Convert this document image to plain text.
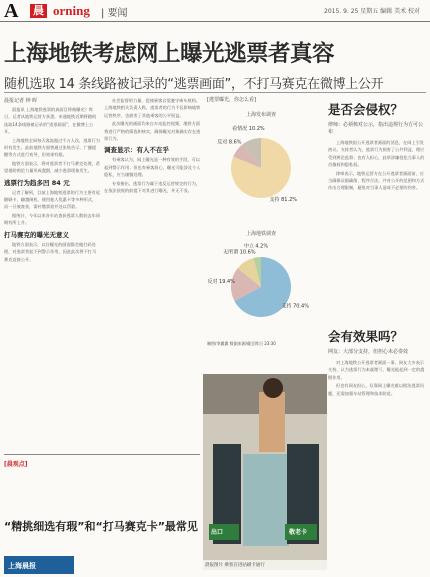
A 晨 orning | 要闻	2015. 9. 25 星期五 编辑 美术 校对
上海地铁考虑网上曝光逃票者真容
随机选取 14 条线路被记录的“逃票画面”，不打马赛克在微博上公开
晨报记者 钟 晖

晨报讯 上海地铁逃票的真面目将被曝光？昨日，记者从地铁运营方获悉，申通地铁近期将随机选取14条线路被记录的“逃票画面”，在微博上公开。

上海地铁全网每天客流超过千万人次，逃票行为时有发生。此前地铁方面曾通过张贴告示、广播提醒等方式进行劝导，但效果有限。

地铁方面表示，将对逃票者不打马赛克处理，希望借助舆论力量形成震慑，减少逃票现象发生。

逃票行为趋多凹 84 元

记者了解到，目前上海地铁逃票的行为主要有尾随刷卡、翻越闸机、使用他人优惠卡等多种形式，而一旦被查获，需补缴票款并处以罚款。

据统计，今年以来各车站查获逃票人数较去年同期有所上升。

打马赛克的曝光无意义

地铁方面表示，以往曝光的画面都会做打码处理，对逃票者起不到警示作用，因此此次将不打马赛克直接公开。

社会监督的力量，促使乘客自觉遵守乘车规则。上海地铁相关负责人称，逃票者的行为不仅影响地铁运营秩序，也损害了其他乘客的公平权益。

此次曝光的画面均来自车站监控视频，地铁方面将进行严格的筛选和核实，确保曝光对象确实存在逃票行为。

调查显示：有人不在乎

有乘客认为，网上曝光是一种有效的手段，可以起到警示作用；但也有乘客担心，曝光可能涉及个人隐私，应当谨慎处理。

专家指出，逃票行为属于违反运营规定的行为，在依法依规的前提下对其进行曝光，并无不妥。

[逃票曝光，你怎么看]
上海发布调查
支持 81.2%
反对 8.6%
看情况 10.2%
上海地铁调查
支持 70.4%
反对 19.4%
无所谓 10.6%
中立 4.2%
制图/李翼翼 数据来源/截至昨日 23:30
是否会侵权？
律师：必须核对公示，指出违规行为方可公布

上海地铁拟公开逃票者画面的消息，在网上引发热议。支持者认为，逃票行为损害了公共利益，理应受到舆论监督；也有人担心，此举涉嫌侵犯当事人的肖像权和隐私权。

律师表示，地铁运营方在公开逃票者画面前，应当确保证据确凿、程序合法，并对公开的范围和方式作出合理限制，避免对当事人造成不必要的伤害。

会有效果吗？
网友：大部分支持，但担心未必奏效

对上海地铁公开逃票者画面一事，网友大多表示支持，认为逃票行为本就理亏，曝光能起到一定的震慑作用。

但也有网友担心，仅靠网上曝光难以根治逃票问题，还需加强车站管理和技术防范。

出口	敬老卡
晨报图片 乘客在进站刷卡通行
[晨观点]
“精挑细选有瑕”和“打马赛克卡”最常见
上海晨报
